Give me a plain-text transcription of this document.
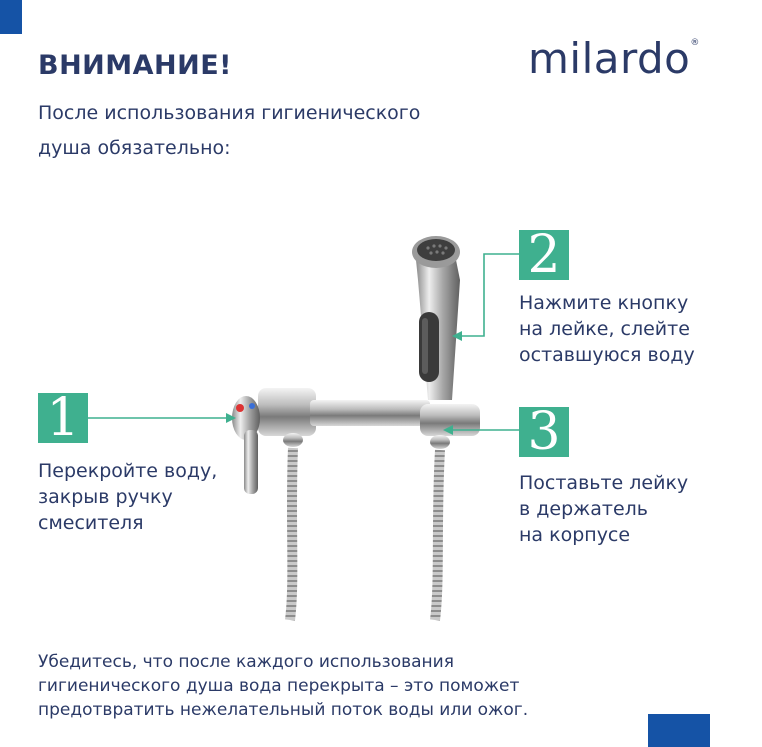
ВНИМАНИЕ!
После использования гигиенического
душа обязательно:
milardo®
1
2
3
Перекройте воду,
закрыв ручку
смесителя
Нажмите кнопку
на лейке, слейте
оставшуюся воду
Поставьте лейку
в держатель
на корпусе
Убедитесь, что после каждого использования
гигиенического душа вода перекрыта – это поможет
предотвратить нежелательный поток воды или ожог.
